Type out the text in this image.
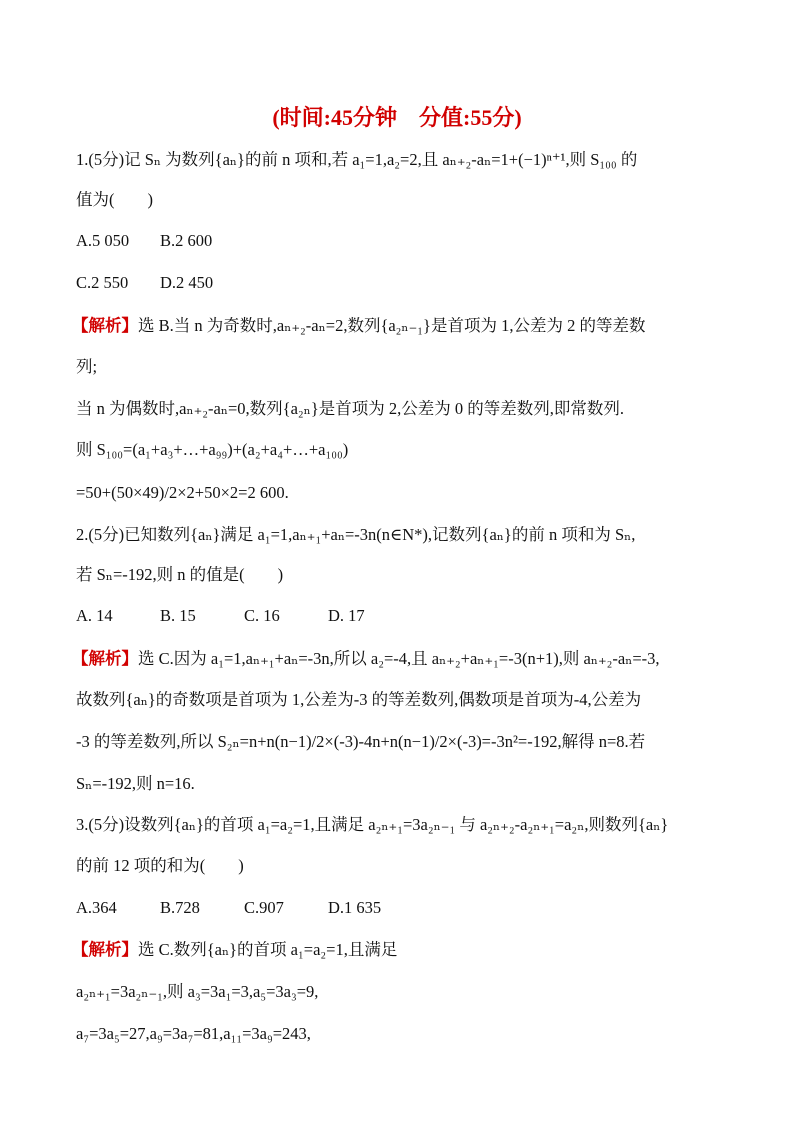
(时间:45分钟　分值:55分)
1.(5分)记 Sₙ 为数列{aₙ}的前 n 项和,若 a₁=1,a₂=2,且 aₙ₊₂-aₙ=1+(−1)ⁿ⁺¹,则 S₁₀₀ 的
值为(　　)
A.5 050 B.2 600
C.2 550 D.2 450
【解析】选 B.当 n 为奇数时,aₙ₊₂-aₙ=2,数列{a₂ₙ₋₁}是首项为 1,公差为 2 的等差数
列;
当 n 为偶数时,aₙ₊₂-aₙ=0,数列{a₂ₙ}是首项为 2,公差为 0 的等差数列,即常数列.
则 S₁₀₀=(a₁+a₃+…+a₉₉)+(a₂+a₄+…+a₁₀₀)
=50+(50×49)/2×2+50×2=2 600.
2.(5分)已知数列{aₙ}满足 a₁=1,aₙ₊₁+aₙ=-3n(n∈N*),记数列{aₙ}的前 n 项和为 Sₙ,
若 Sₙ=-192,则 n 的值是(　　)
A. 14	B. 15	C. 16	D. 17
【解析】选 C.因为 a₁=1,aₙ₊₁+aₙ=-3n,所以 a₂=-4,且 aₙ₊₂+aₙ₊₁=-3(n+1),则 aₙ₊₂-aₙ=-3,
故数列{aₙ}的奇数项是首项为 1,公差为-3 的等差数列,偶数项是首项为-4,公差为
-3 的等差数列,所以 S₂ₙ=n+n(n−1)/2×(-3)-4n+n(n−1)/2×(-3)=-3n²=-192,解得 n=8.若
Sₙ=-192,则 n=16.
3.(5分)设数列{aₙ}的首项 a₁=a₂=1,且满足 a₂ₙ₊₁=3a₂ₙ₋₁ 与 a₂ₙ₊₂-a₂ₙ₊₁=a₂ₙ,则数列{aₙ}
的前 12 项的和为(　　)
A.364	B.728	C.907	D.1 635
【解析】选 C.数列{aₙ}的首项 a₁=a₂=1,且满足
a₂ₙ₊₁=3a₂ₙ₋₁,则 a₃=3a₁=3,a₅=3a₃=9,
a₇=3a₅=27,a₉=3a₇=81,a₁₁=3a₉=243,
